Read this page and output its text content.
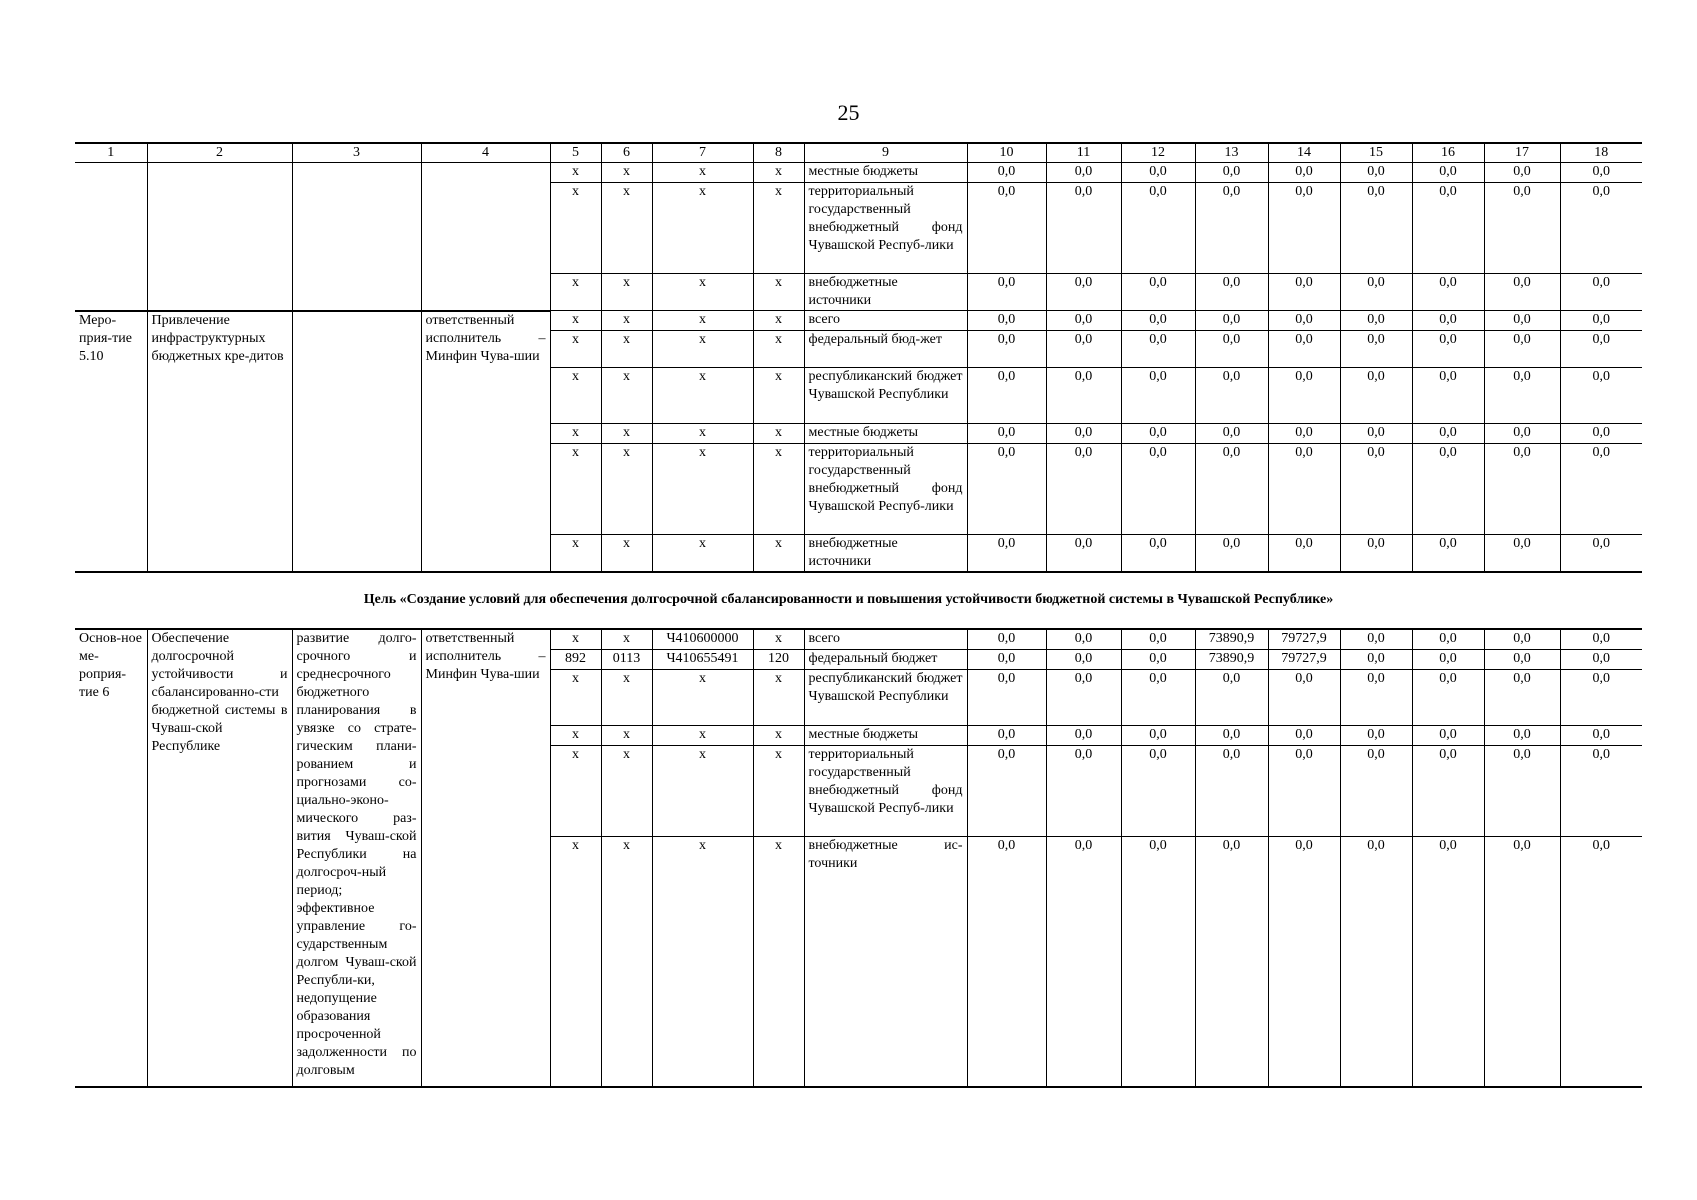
25
1	2	3	4	5	6	7	8	9	10	11	12	13	14	15	16	17	18
				х	х	х	х	местные бюджеты	0,0	0,0	0,0	0,0	0,0	0,0	0,0	0,0	0,0
				х	х	х	х	территориальный государственный внебюджетный фонд Чувашской Респуб-лики	0,0	0,0	0,0	0,0	0,0	0,0	0,0	0,0	0,0
				х	х	х	х	внебюджетные источники	0,0	0,0	0,0	0,0	0,0	0,0	0,0	0,0	0,0
Меро-прия-тие 5.10	Привлечение инфраструктурных бюджетных кре-дитов		ответственный исполнитель – Минфин Чува-шии	х	х	х	х	всего	0,0	0,0	0,0	0,0	0,0	0,0	0,0	0,0	0,0
				х	х	х	х	федеральный бюд-жет	0,0	0,0	0,0	0,0	0,0	0,0	0,0	0,0	0,0
				х	х	х	х	республиканский бюджет Чувашской Республики	0,0	0,0	0,0	0,0	0,0	0,0	0,0	0,0	0,0
				х	х	х	х	местные бюджеты	0,0	0,0	0,0	0,0	0,0	0,0	0,0	0,0	0,0
				х	х	х	х	территориальный государственный внебюджетный фонд Чувашской Респуб-лики	0,0	0,0	0,0	0,0	0,0	0,0	0,0	0,0	0,0
				х	х	х	х	внебюджетные источники	0,0	0,0	0,0	0,0	0,0	0,0	0,0	0,0	0,0
Цель «Создание условий для обеспечения долгосрочной сбалансированности и повышения устойчивости бюджетной системы в Чувашской Республике»
Основ-ное ме-роприя-тие 6	Обеспечение долгосрочной устойчивости и сбалансированно-сти бюджетной системы в Чуваш-ской Республике	развитие долго-срочного и среднесрочного бюджетного планирования в увязке со страте-гическим плани-рованием и прогнозами со-циально-эконо-мического раз-вития Чуваш-ской Республики на долгосроч-ный период; эффективное управление го-сударственным долгом Чуваш-ской Республи-ки, недопущение образования просроченной задолженности по долговым	ответственный исполнитель – Минфин Чува-шии	х	х	Ч410600000	х	всего	0,0	0,0	0,0	73890,9	79727,9	0,0	0,0	0,0	0,0
				892	0113	Ч410655491	120	федеральный бюджет	0,0	0,0	0,0	73890,9	79727,9	0,0	0,0	0,0	0,0
				х	х	х	х	республиканский бюджет Чувашской Республики	0,0	0,0	0,0	0,0	0,0	0,0	0,0	0,0	0,0
				х	х	х	х	местные бюджеты	0,0	0,0	0,0	0,0	0,0	0,0	0,0	0,0	0,0
				х	х	х	х	территориальный государственный внебюджетный фонд Чувашской Респуб-лики	0,0	0,0	0,0	0,0	0,0	0,0	0,0	0,0	0,0
				х	х	х	х	внебюджетные ис-точники	0,0	0,0	0,0	0,0	0,0	0,0	0,0	0,0	0,0
